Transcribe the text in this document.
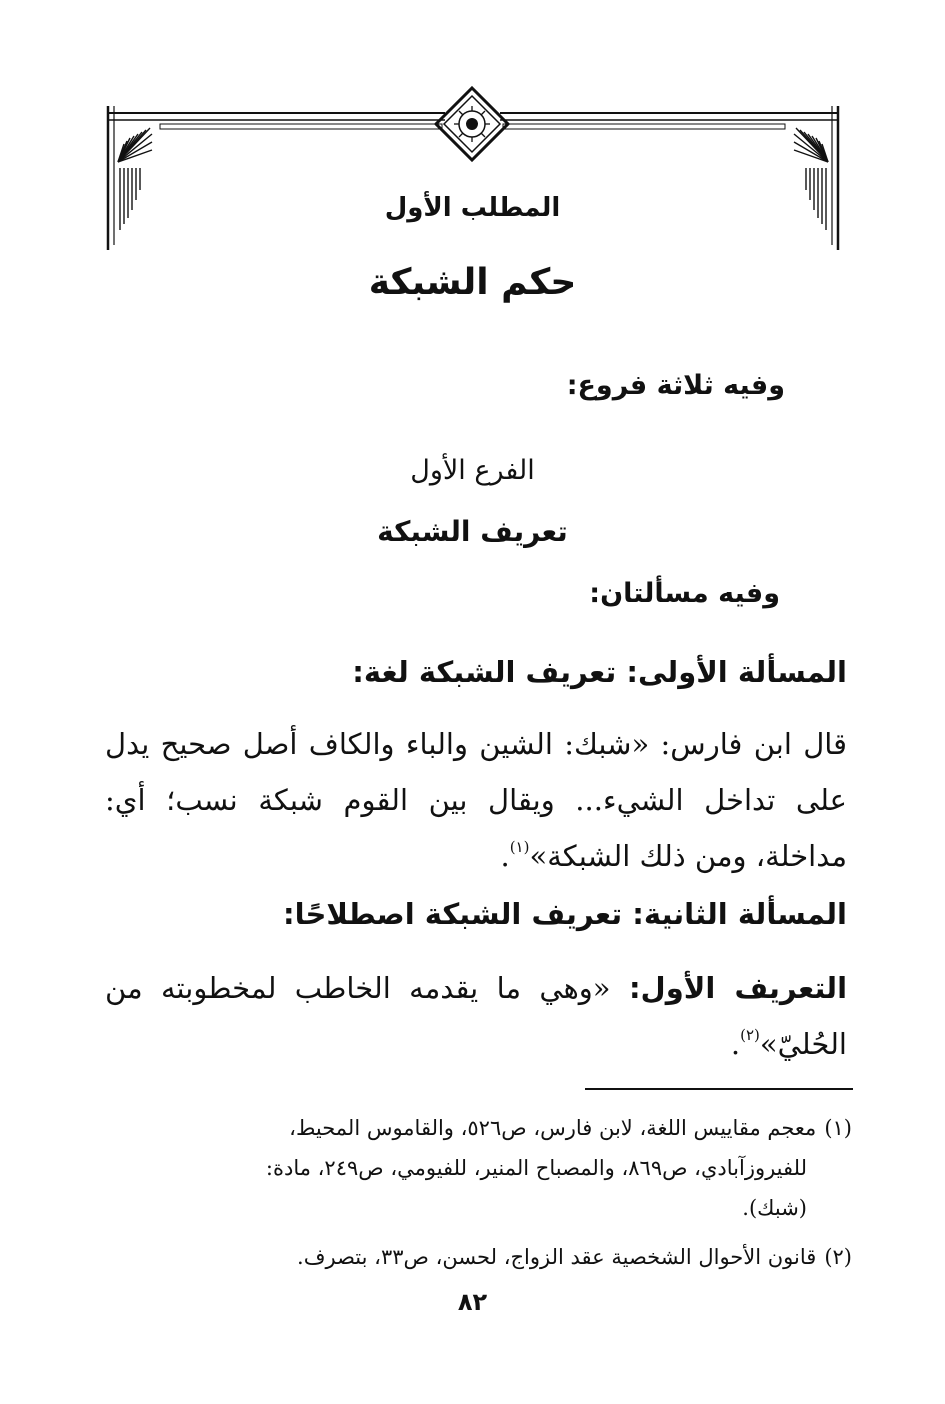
المطلب الأول
حكم الشبكة
وفيه ثلاثة فروع:
الفرع الأول
تعريف الشبكة
وفيه مسألتان:
المسألة الأولى: تعريف الشبكة لغة:
قال ابن فارس: «شبك: الشين والباء والكاف أصل صحيح يدل على تداخل الشيء... ويقال بين القوم شبكة نسب؛ أي: مداخلة، ومن ذلك الشبكة»$^{(١)}$.
المسألة الثانية: تعريف الشبكة اصطلاحًا:
التعريف الأول: «وهي ما يقدمه الخاطب لمخطوبته من الحُليّ»$^{(٢)}$.
(١)معجم مقاييس اللغة، لابن فارس، ص٥٢٦، والقاموس المحيط،
للفيروزآبادي، ص٨٦٩، والمصباح المنير، للفيومي، ص٢٤٩، مادة:
(شبك).
(٢)قانون الأحوال الشخصية عقد الزواج، لحسن، ص٣٣، بتصرف.
٨٢
